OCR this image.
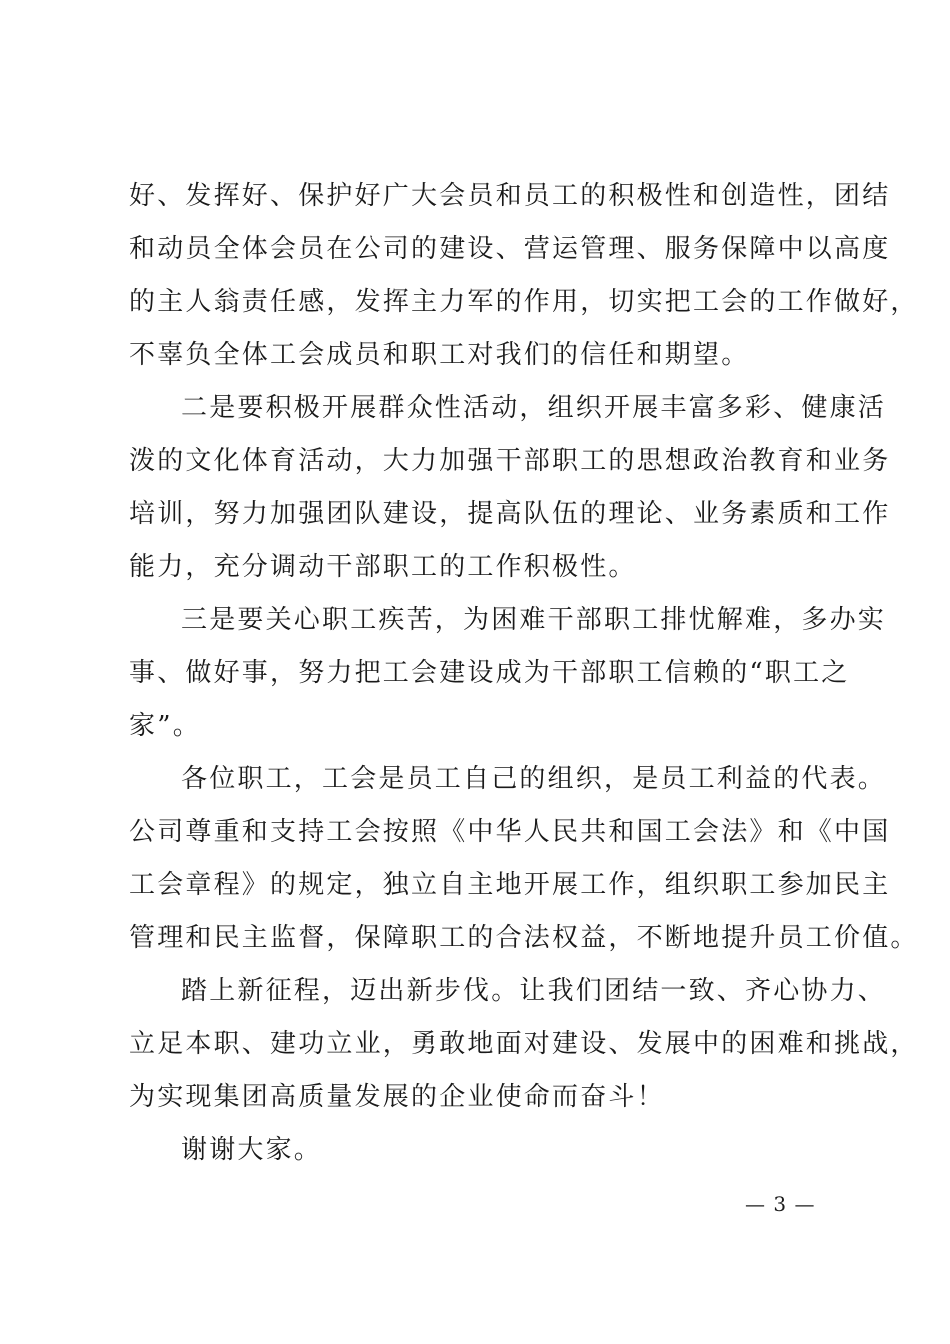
好、发挥好、保护好广大会员和员工的积极性和创造性，团结
和动员全体会员在公司的建设、营运管理、服务保障中以高度
的主人翁责任感，发挥主力军的作用，切实把工会的工作做好，
不辜负全体工会成员和职工对我们的信任和期望。
二是要积极开展群众性活动，组织开展丰富多彩、健康活
泼的文化体育活动，大力加强干部职工的思想政治教育和业务
培训，努力加强团队建设，提高队伍的理论、业务素质和工作
能力，充分调动干部职工的工作积极性。
三是要关心职工疾苦，为困难干部职工排忧解难，多办实
事、做好事，努力把工会建设成为干部职工信赖的“职工之
家”。
各位职工，工会是员工自己的组织，是员工利益的代表。
公司尊重和支持工会按照《中华人民共和国工会法》和《中国
工会章程》的规定，独立自主地开展工作，组织职工参加民主
管理和民主监督，保障职工的合法权益，不断地提升员工价值。
踏上新征程，迈出新步伐。让我们团结一致、齐心协力、
立足本职、建功立业，勇敢地面对建设、发展中的困难和挑战，
为实现集团高质量发展的企业使命而奋斗！
谢谢大家。
— 3 —
